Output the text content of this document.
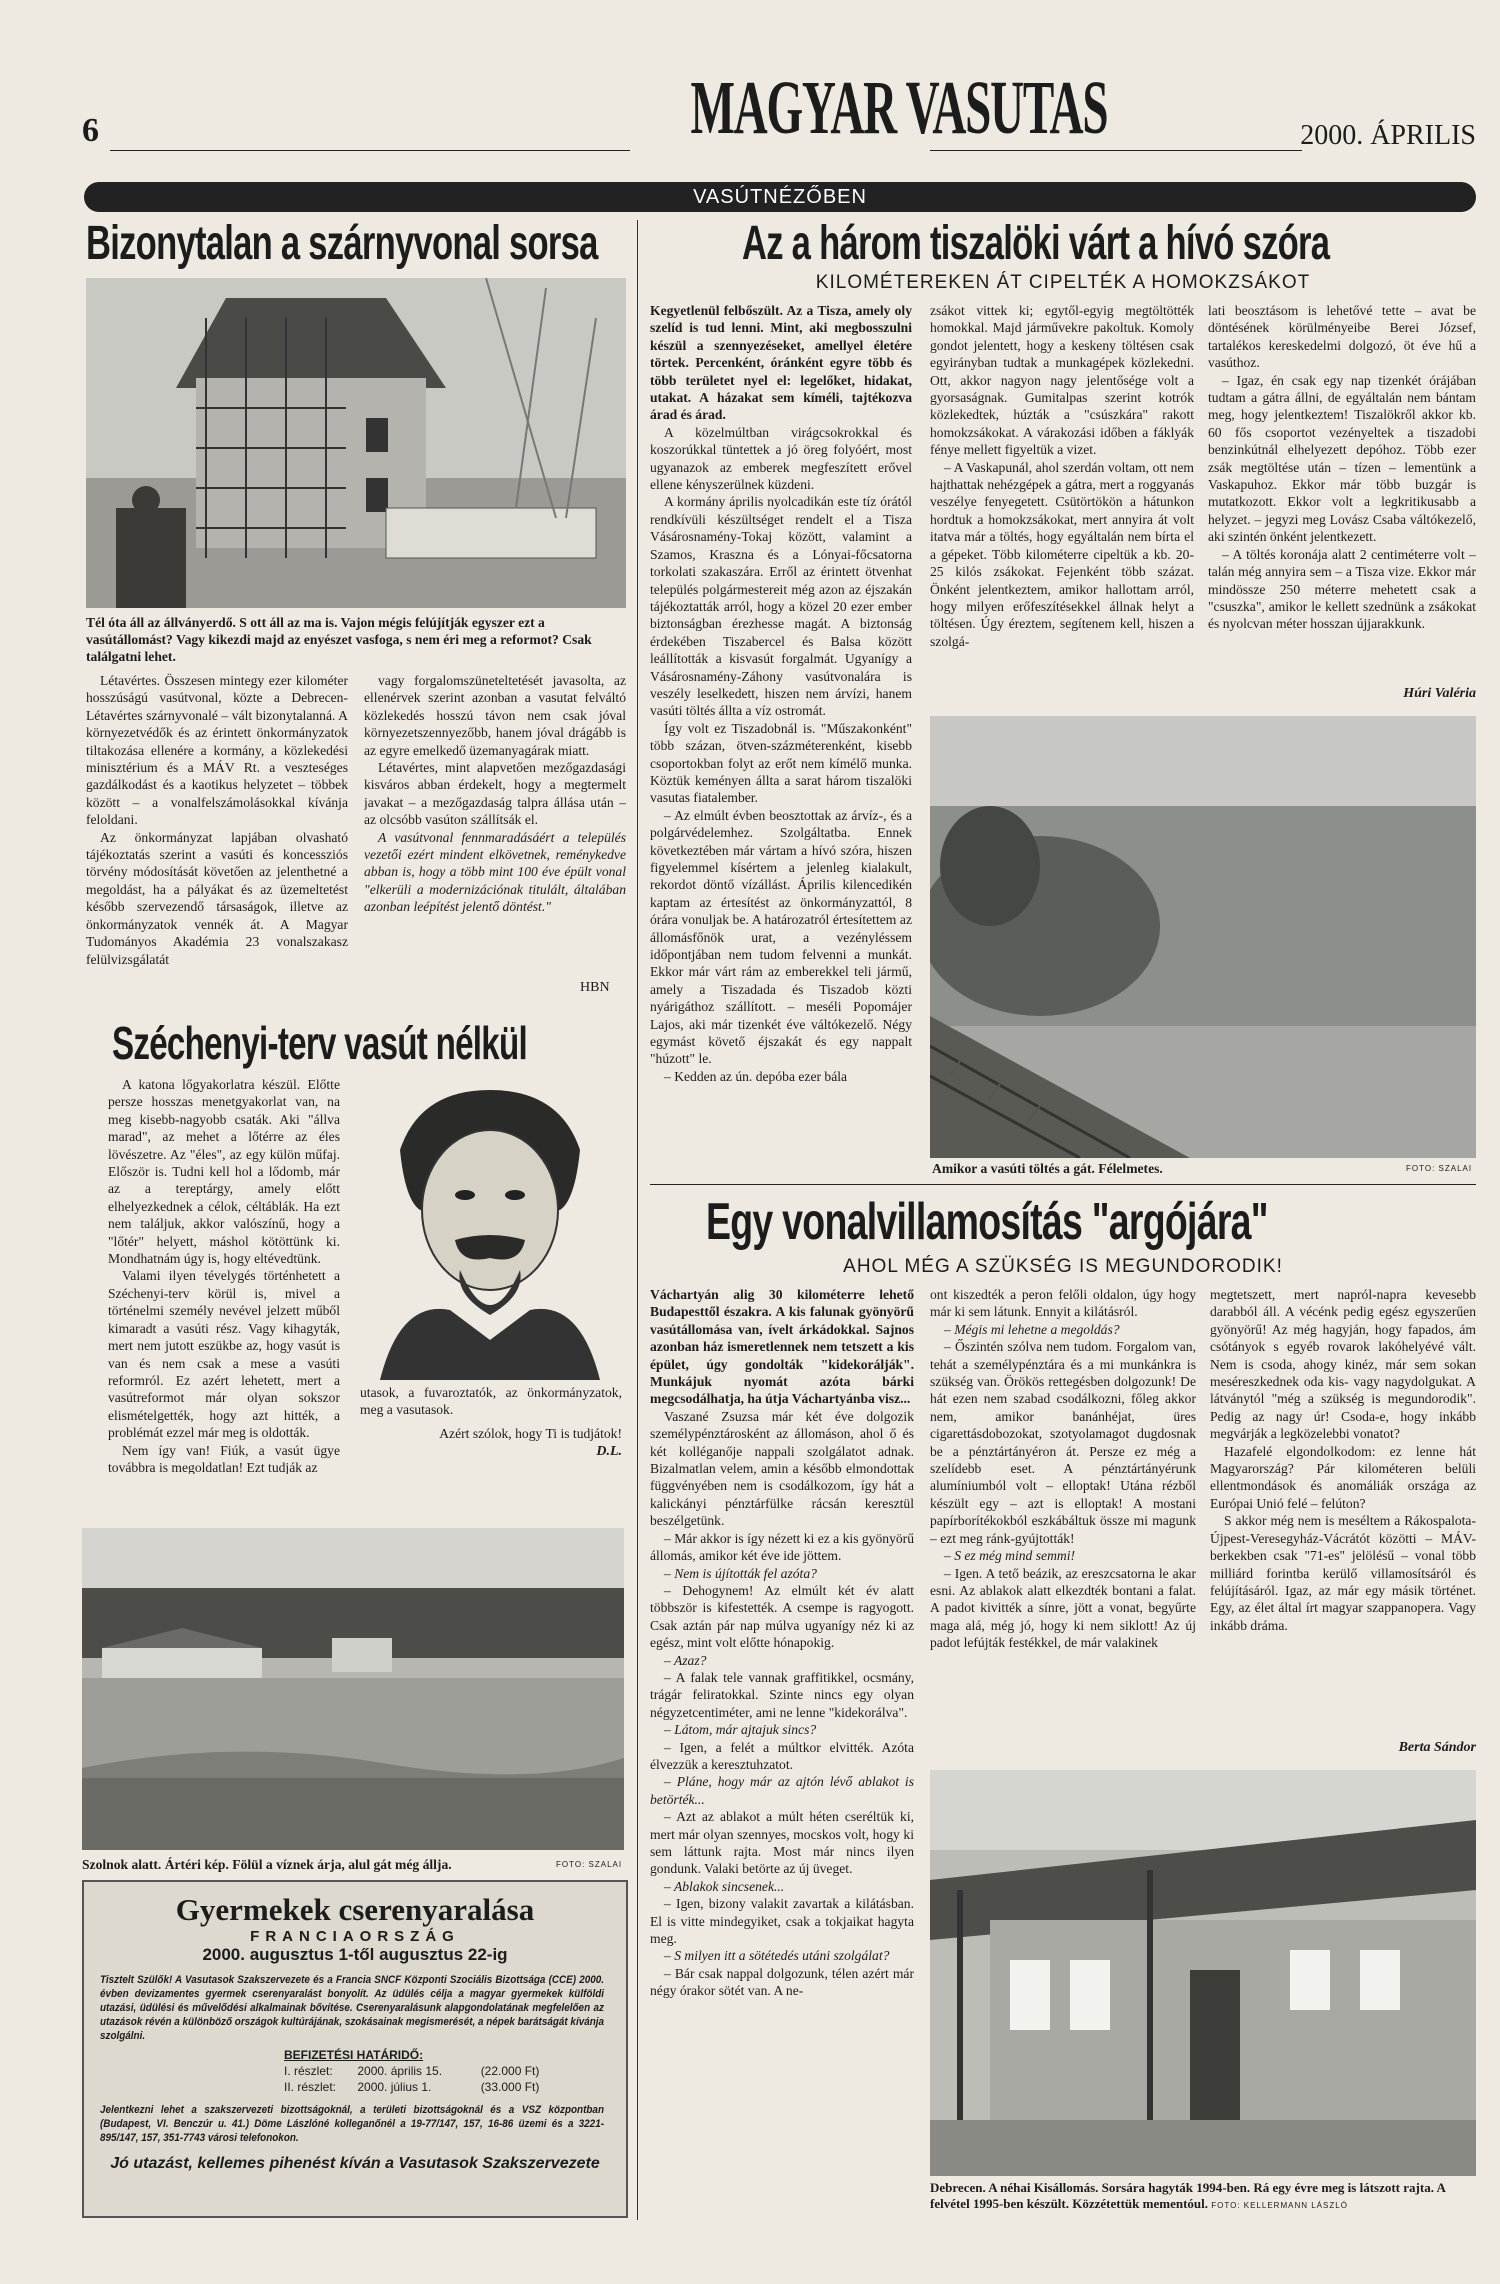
6	MAGYAR VASUTAS	2000. ÁPRILIS
VASÚTNÉZŐBEN
Bizonytalan a szárnyvonal sorsa
Tél óta áll az állványerdő. S ott áll az ma is. Vajon mégis felújítják egyszer ezt a vasútállomást? Vagy kikezdi majd az enyészet vasfoga, s nem éri meg a reformot? Csak találgatni lehet.

Létavértes. Összesen mintegy ezer kilométer hosszúságú vasútvonal, közte a Debrecen-Létavértes szárnyvonalé – vált bizonytalanná. A környezetvédők és az érintett önkormányzatok tiltakozása ellenére a kormány, a közlekedési minisztérium és a MÁV Rt. a veszteséges gazdálkodást és a kaotikus helyzetet – többek között – a vonalfelszámolásokkal kívánja feloldani.

Az önkormányzat lapjában olvasható tájékoztatás szerint a vasúti és koncessziós törvény módosítását követően az jelenthetné a megoldást, ha a pályákat és az üzemeltetést később szervezendő társaságok, illetve az önkormányzatok vennék át. A Magyar Tudományos Akadémia 23 vonalszakasz felülvizsgálatát

vagy forgalomszüneteltetését javasolta, az ellenérvek szerint azonban a vasutat felváltó közlekedés hosszú távon nem csak jóval környezetszennyezőbb, hanem jóval drágább is az egyre emelkedő üzemanyagárak miatt.

Létavértes, mint alapvetően mezőgazdasági kisváros abban érdekelt, hogy a megtermelt javakat – a mezőgazdaság talpra állása után – az olcsóbb vasúton szállítsák el.

A vasútvonal fennmaradásáért a település vezetői ezért mindent elkövetnek, reménykedve abban is, hogy a több mint 100 éve épült vonal "elkerüli a modernizációnak titulált, általában azonban leépítést jelentő döntést."

HBN
Széchenyi-terv vasút nélkül

A katona lőgyakorlatra készül. Előtte persze hosszas menetgyakorlat van, na meg kisebb-nagyobb csaták. Aki "állva marad", az mehet a lőtérre az éles lövészetre. Az "éles", az egy külön műfaj. Először is. Tudni kell hol a lődomb, már az a tereptárgy, amely előtt elhelyezkednek a célok, céltáblák. Ha ezt nem találjuk, akkor valószínű, hogy a "lőtér" helyett, máshol kötöttünk ki. Mondhatnám úgy is, hogy eltévedtünk.

Valami ilyen tévelygés történhetett a Széchenyi-terv körül is, mivel a történelmi személy nevével jelzett műből kimaradt a vasúti rész. Vagy kihagyták, mert nem jutott eszükbe az, hogy vasút is van és nem csak a mese a vasúti reformról. Ez azért lehetett, mert a vasútreformot már olyan sokszor elismételgették, hogy azt hitték, a problémát ezzel már meg is oldották.

Nem így van! Fiúk, a vasút ügye továbbra is megoldatlan! Ezt tudják az

utasok, a fuvaroztatók, az önkormányzatok, meg a vasutasok.

Azért szólok, hogy Ti is tudjátok!
D.L.
Szolnok alatt. Ártéri kép. Fölül a víznek árja, alul gát még állja.	FOTO: SZALAI
Gyermekek cserenyaralása
FRANCIAORSZÁG
2000. augusztus 1-től augusztus 22-ig
Tisztelt Szülők! A Vasutasok Szakszervezete és a Francia SNCF Központi Szociális Bizottsága (CCE) 2000. évben devizamentes gyermek cserenyaralást bonyolít. Az üdülés célja a magyar gyermekek külföldi utazási, üdülési és művelődési alkalmainak bővítése. Cserenyaralásunk alapgondolatának megfelelően az utazások révén a különböző országok kultúrájának, szokásainak megismerését, a népek barátságát kívánja szolgálni.
BEFIZETÉSI HATÁRIDŐ:
I. részlet: 2000. április 15.	(22.000 Ft)
II. részlet: 2000. július 1.	(33.000 Ft)
Jelentkezni lehet a szakszervezeti bizottságoknál, a területi bizottságoknál és a VSZ központban (Budapest, VI. Benczúr u. 41.) Döme Lászlóné kolleganőnél a 19-77/147, 157, 16-86 üzemi és a 3221-895/147, 157, 351-7743 városi telefonokon.
Jó utazást, kellemes pihenést kíván a Vasutasok Szakszervezete
Az a három tiszalöki várt a hívó szóra
KILOMÉTEREKEN ÁT CIPELTÉK A HOMOKZSÁKOT

Kegyetlenül felbőszült. Az a Tisza, amely oly szelíd is tud lenni. Mint, aki megbosszulni készül a szennyezéseket, amellyel életére törtek. Percenként, óránként egyre több és több területet nyel el: legelőket, hidakat, utakat. A házakat sem kíméli, tajtékozva árad és árad.

A közelmúltban virágcsokrokkal és koszorúkkal tüntettek a jó öreg folyóért, most ugyanazok az emberek megfeszített erővel ellene kényszerülnek küzdeni.

A kormány április nyolcadikán este tíz órától rendkívüli készültséget rendelt el a Tisza Vásárosnamény-Tokaj között, valamint a Szamos, Kraszna és a Lónyai-főcsatorna torkolati szakaszára. Erről az érintett ötvenhat település polgármestereit még azon az éjszakán tájékoztatták arról, hogy a közel 20 ezer ember biztonságban érezhesse magát. A biztonság érdekében Tiszabercel és Balsa között leállították a kisvasút forgalmát. Ugyanígy a Vásárosnamény-Záhony vasútvonalára is veszély leselkedett, hiszen nem árvízi, hanem vasúti töltés állta a víz ostromát.

Így volt ez Tiszadobnál is. "Műszakonként" több százan, ötven-százméterenként, kisebb csoportokban folyt az erőt nem kímélő munka. Köztük keményen állta a sarat három tiszalöki vasutas fiatalember.

– Az elmúlt évben beosztottak az árvíz-, és a polgárvédelemhez. Szolgáltatba. Ennek következtében már vártam a hívó szóra, hiszen figyelemmel kísértem a jelenleg kialakult, rekordot döntő vízállást. Április kilencedikén kaptam az értesítést az önkormányzattól, 8 órára vonuljak be. A határozatról értesítettem az állomásfőnök urat, a vezényléssem időpontjában nem tudom felvenni a munkát. Ekkor már várt rám az emberekkel teli jármű, amely a Tiszadada és Tiszadob közti nyárigáthoz szállított. – meséli Popomájer Lajos, aki már tizenkét éve váltókezelő. Négy egymást követő éjszakát és egy nappalt "húzott" le.

– Kedden az ún. depóba ezer bála

zsákot vittek ki; egytől-egyig megtöltötték homokkal. Majd járművekre pakoltuk. Komoly gondot jelentett, hogy a keskeny töltésen csak egyirányban tudtak a munkagépek közlekedni. Ott, akkor nagyon nagy jelentősége volt a gyorsaságnak. Gumitalpas szerint kotrók közlekedtek, húzták a "csúszkára" rakott homokzsákokat. A várakozási időben a fáklyák fénye mellett figyeltük a vizet.

– A Vaskapunál, ahol szerdán voltam, ott nem hajthattak nehézgépek a gátra, mert a roggyanás veszélye fenyegetett. Csütörtökön a hátunkon hordtuk a homokzsákokat, mert annyira át volt itatva már a töltés, hogy egyáltalán nem bírta el a gépeket. Több kilométerre cipeltük a kb. 20-25 kilós zsákokat. Fejenként több százat. Önként jelentkeztem, amikor hallottam arról, hogy milyen erőfeszítésekkel állnak helyt a töltésen. Úgy éreztem, segítenem kell, hiszen a szolgá-

lati beosztásom is lehetővé tette – avat be döntésének körülményeibe Berei József, tartalékos kereskedelmi dolgozó, öt éve hű a vasúthoz.

– Igaz, én csak egy nap tizenkét órájában tudtam a gátra állni, de egyáltalán nem bántam meg, hogy jelentkeztem! Tiszalökről akkor kb. 60 fős csoportot vezényeltek a tiszadobi benzinkútnál elhelyezett depóhoz. Több ezer zsák megtöltése után – tízen – lementünk a Vaskapuhoz. Ekkor már több buzgár is mutatkozott. Ekkor volt a legkritikusabb a helyzet. – jegyzi meg Lovász Csaba váltókezelő, aki szintén önként jelentkezett.

– A töltés koronája alatt 2 centiméterre volt – talán még annyira sem – a Tisza vize. Ekkor már mindössze 250 méterre mehetett csak a "csuszka", amikor le kellett szednünk a zsákokat és nyolcvan méter hosszan újjarakkunk.

Húri Valéria
Amikor a vasúti töltés a gát. Félelmetes.	FOTO: SZALAI
Egy vonalvillamosítás "argójára"
AHOL MÉG A SZÜKSÉG IS MEGUNDORODIK!

Váchartyán alig 30 kilométerre lehető Budapesttől északra. A kis falunak gyönyörű vasútállomása van, ívelt árkádokkal. Sajnos azonban ház ismeretlennek nem tetszett a kis épület, úgy gondolták "kidekorálják". Munkájuk nyomát azóta bárki megcsodálhatja, ha útja Váchartyánba visz...

Vaszané Zsuzsa már két éve dolgozik személypénztárosként az állomáson, ahol ő és két kolléganője nappali szolgálatot adnak. Bizalmatlan velem, amin a később elmondottak függvényében nem is csodálkozom, így hát a kalickányi pénztárfülke rácsán keresztül beszélgetünk.

– Már akkor is így nézett ki ez a kis gyönyörű állomás, amikor két éve ide jöttem.

– Nem is újították fel azóta?

– Dehogynem! Az elmúlt két év alatt többször is kifestették. A csempe is ragyogott. Csak aztán pár nap múlva ugyanígy néz ki az egész, mint volt előtte hónapokig.

– Azaz?

– A falak tele vannak graffitikkel, ocsmány, trágár feliratokkal. Szinte nincs egy olyan négyzetcentiméter, ami ne lenne "kidekorálva".

– Látom, már ajtajuk sincs?

– Igen, a felét a múltkor elvitték. Azóta élvezzük a keresztuhzatot.

– Pláne, hogy már az ajtón lévő ablakot is betörték...

– Azt az ablakot a múlt héten cseréltük ki, mert már olyan szennyes, mocskos volt, hogy ki sem láttunk rajta. Most már nincs ilyen gondunk. Valaki betörte az új üveget.

– Ablakok sincsenek...

– Igen, bizony valakit zavartak a kilátásban. El is vitte mindegyiket, csak a tokjaikat hagyta meg.

– S milyen itt a sötétedés utáni szolgálat?

– Bár csak nappal dolgozunk, télen azért már négy órakor sötét van. A ne-

ont kiszedték a peron felőli oldalon, úgy hogy már ki sem látunk. Ennyit a kilátásról.

– Mégis mi lehetne a megoldás?

– Őszintén szólva nem tudom. Forgalom van, tehát a személypénztára és a mi munkánkra is szükség van. Örökös rettegésben dolgozunk! De hát ezen nem szabad csodálkozni, főleg akkor nem, amikor banánhéjat, üres cigarettásdobozokat, szotyolamagot dugdosnak be a pénztártányéron át. Persze ez még a szelídebb eset. A pénztártányérunk alumíniumból volt – elloptak! Utána rézből készült egy – azt is elloptak! A mostani papírborítékokból eszkábáltuk össze mi magunk – ezt meg ránk-gyújtották!

– S ez még mind semmi!

– Igen. A tető beázik, az ereszcsatorna le akar esni. Az ablakok alatt elkezdték bontani a falat. A padot kivitték a sínre, jött a vonat, begyűrte maga alá, még jó, hogy ki nem siklott! Az új padot lefújták festékkel, de már valakinek

megtetszett, mert napról-napra kevesebb darabból áll. A vécénk pedig egész egyszerűen gyönyörű! Az még hagyján, hogy fapados, ám csótányok s egyéb rovarok lakóhelyévé vált. Nem is csoda, ahogy kinéz, már sem sokan meséreszkednek oda kis- vagy nagydolgukat. A látványtól "még a szükség is megundorodik". Pedig az nagy úr! Csoda-e, hogy inkább megvárják a legközelebbi vonatot?

Hazafelé elgondolkodom: ez lenne hát Magyarország? Pár kilométeren belüli ellentmondások és anomáliák országa az Európai Unió felé – felúton?

S akkor még nem is meséltem a Rákospalota-Újpest-Veresegyház-Vácrátót közötti – MÁV-berkekben csak "71-es" jelölésű – vonal több milliárd forintba kerülő villamosítsáról és felújításáról. Igaz, az már egy másik történet. Egy, az élet által írt magyar szappanopera. Vagy inkább dráma.

Berta Sándor
Debrecen. A néhai Kisállomás. Sorsára hagyták 1994-ben. Rá egy évre meg is látszott rajta. A felvétel 1995-ben készült. Közzétettük mementóul. FOTO: KELLERMANN LÁSZLÓ
